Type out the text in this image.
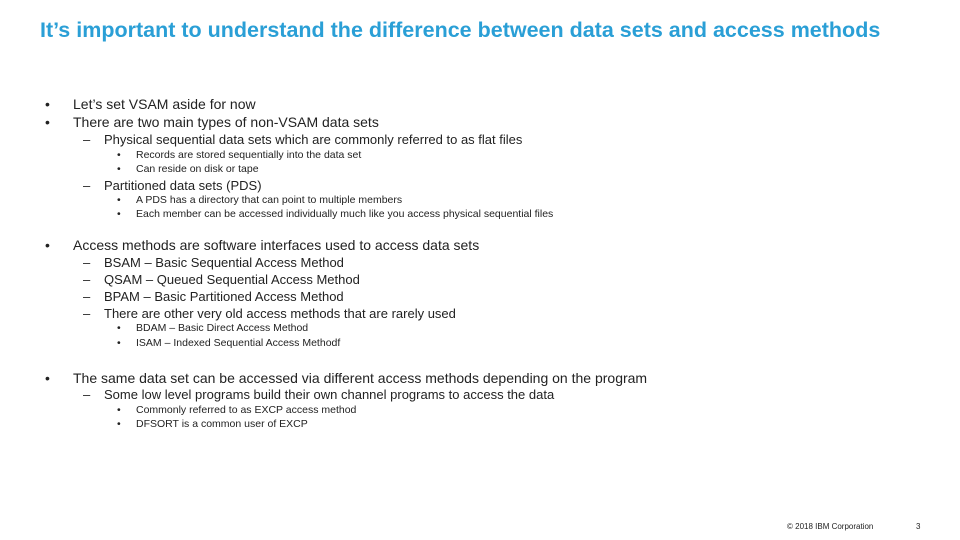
It’s important to understand the difference between data sets and access methods
• Let’s set VSAM aside for now
• There are two main types of non-VSAM data sets
– Physical sequential data sets which are commonly referred to as flat files
• Records are stored sequentially into the data set
• Can reside on disk or tape
– Partitioned data sets (PDS)
• A PDS has a directory that can point to multiple members
• Each member can be accessed individually much like you access physical sequential files
• Access methods are software interfaces used to access data sets
– BSAM – Basic Sequential Access Method
– QSAM – Queued Sequential Access Method
– BPAM – Basic Partitioned Access Method
– There are other very old access methods that are rarely used
• BDAM – Basic Direct Access Method
• ISAM – Indexed Sequential Access Methodf
• The same data set can be accessed via different access methods depending on the program
– Some low level programs build their own channel programs to access the data
• Commonly referred to as EXCP access method
• DFSORT is a common user of EXCP
© 2018 IBM Corporation	3
